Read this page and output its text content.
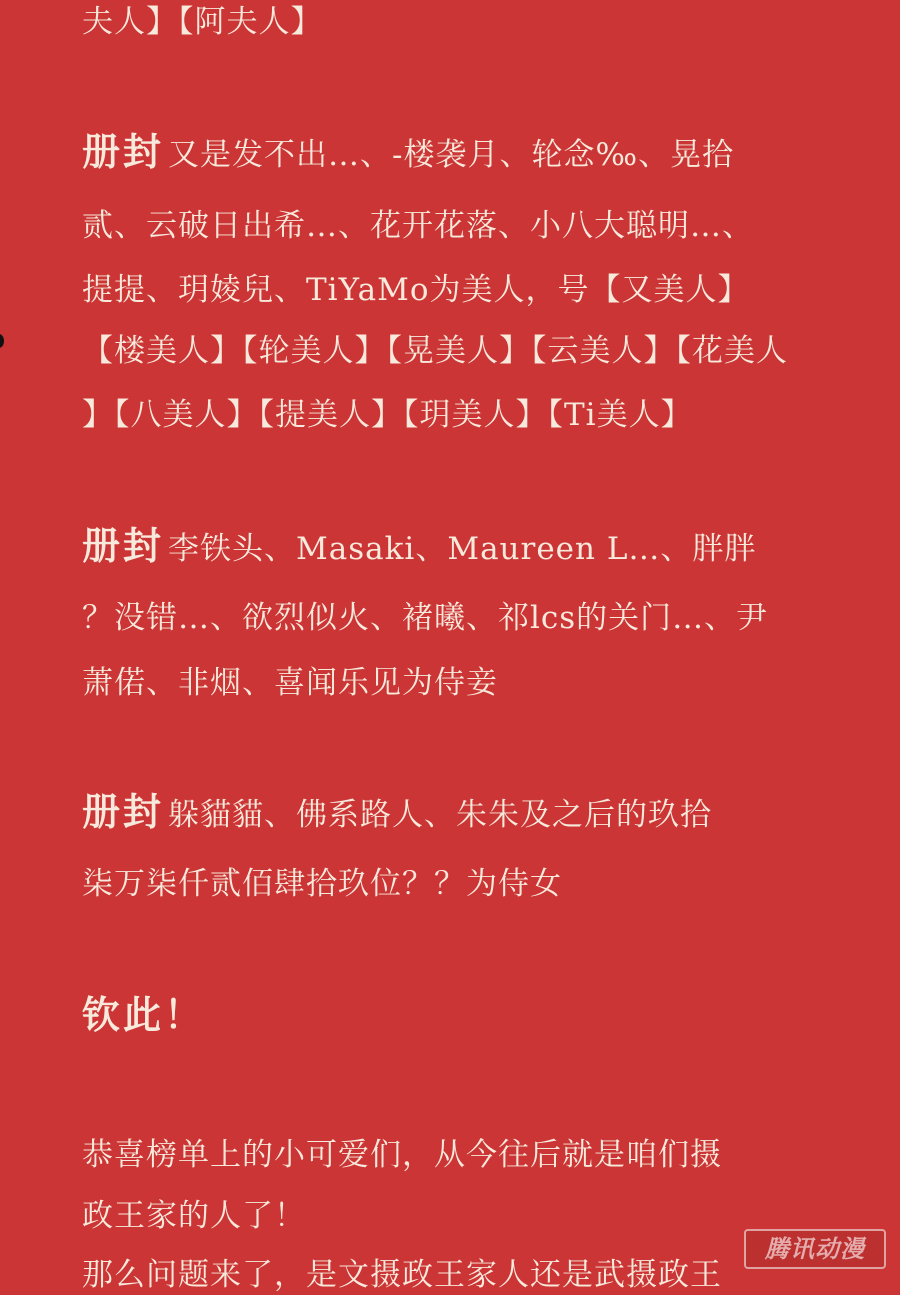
夫人】【阿夫人】
册封 又是发不出…、-楼袭月、轮念‰、晃拾
贰、云破日出希…、花开花落、小八大聪明…、
提提、玥婈兒、TiYaMo为美人，号【又美人】
【楼美人】【轮美人】【晃美人】【云美人】【花美人
】【八美人】【提美人】【玥美人】【Ti美人】
册封 李铁头、Masaki、Maureen L…、胖胖
？没错…、欲烈似火、褚曦、祁lcs的关门…、尹
萧偌、非烟、喜闻乐见为侍妾
册封 躲貓貓、佛系路人、朱朱及之后的玖拾
柒万柒仟贰佰肆拾玖位？？为侍女
钦此！
恭喜榜单上的小可爱们，从今往后就是咱们摄
政王家的人了！
那么问题来了，是文摄政王家人还是武摄政王
腾讯动漫
